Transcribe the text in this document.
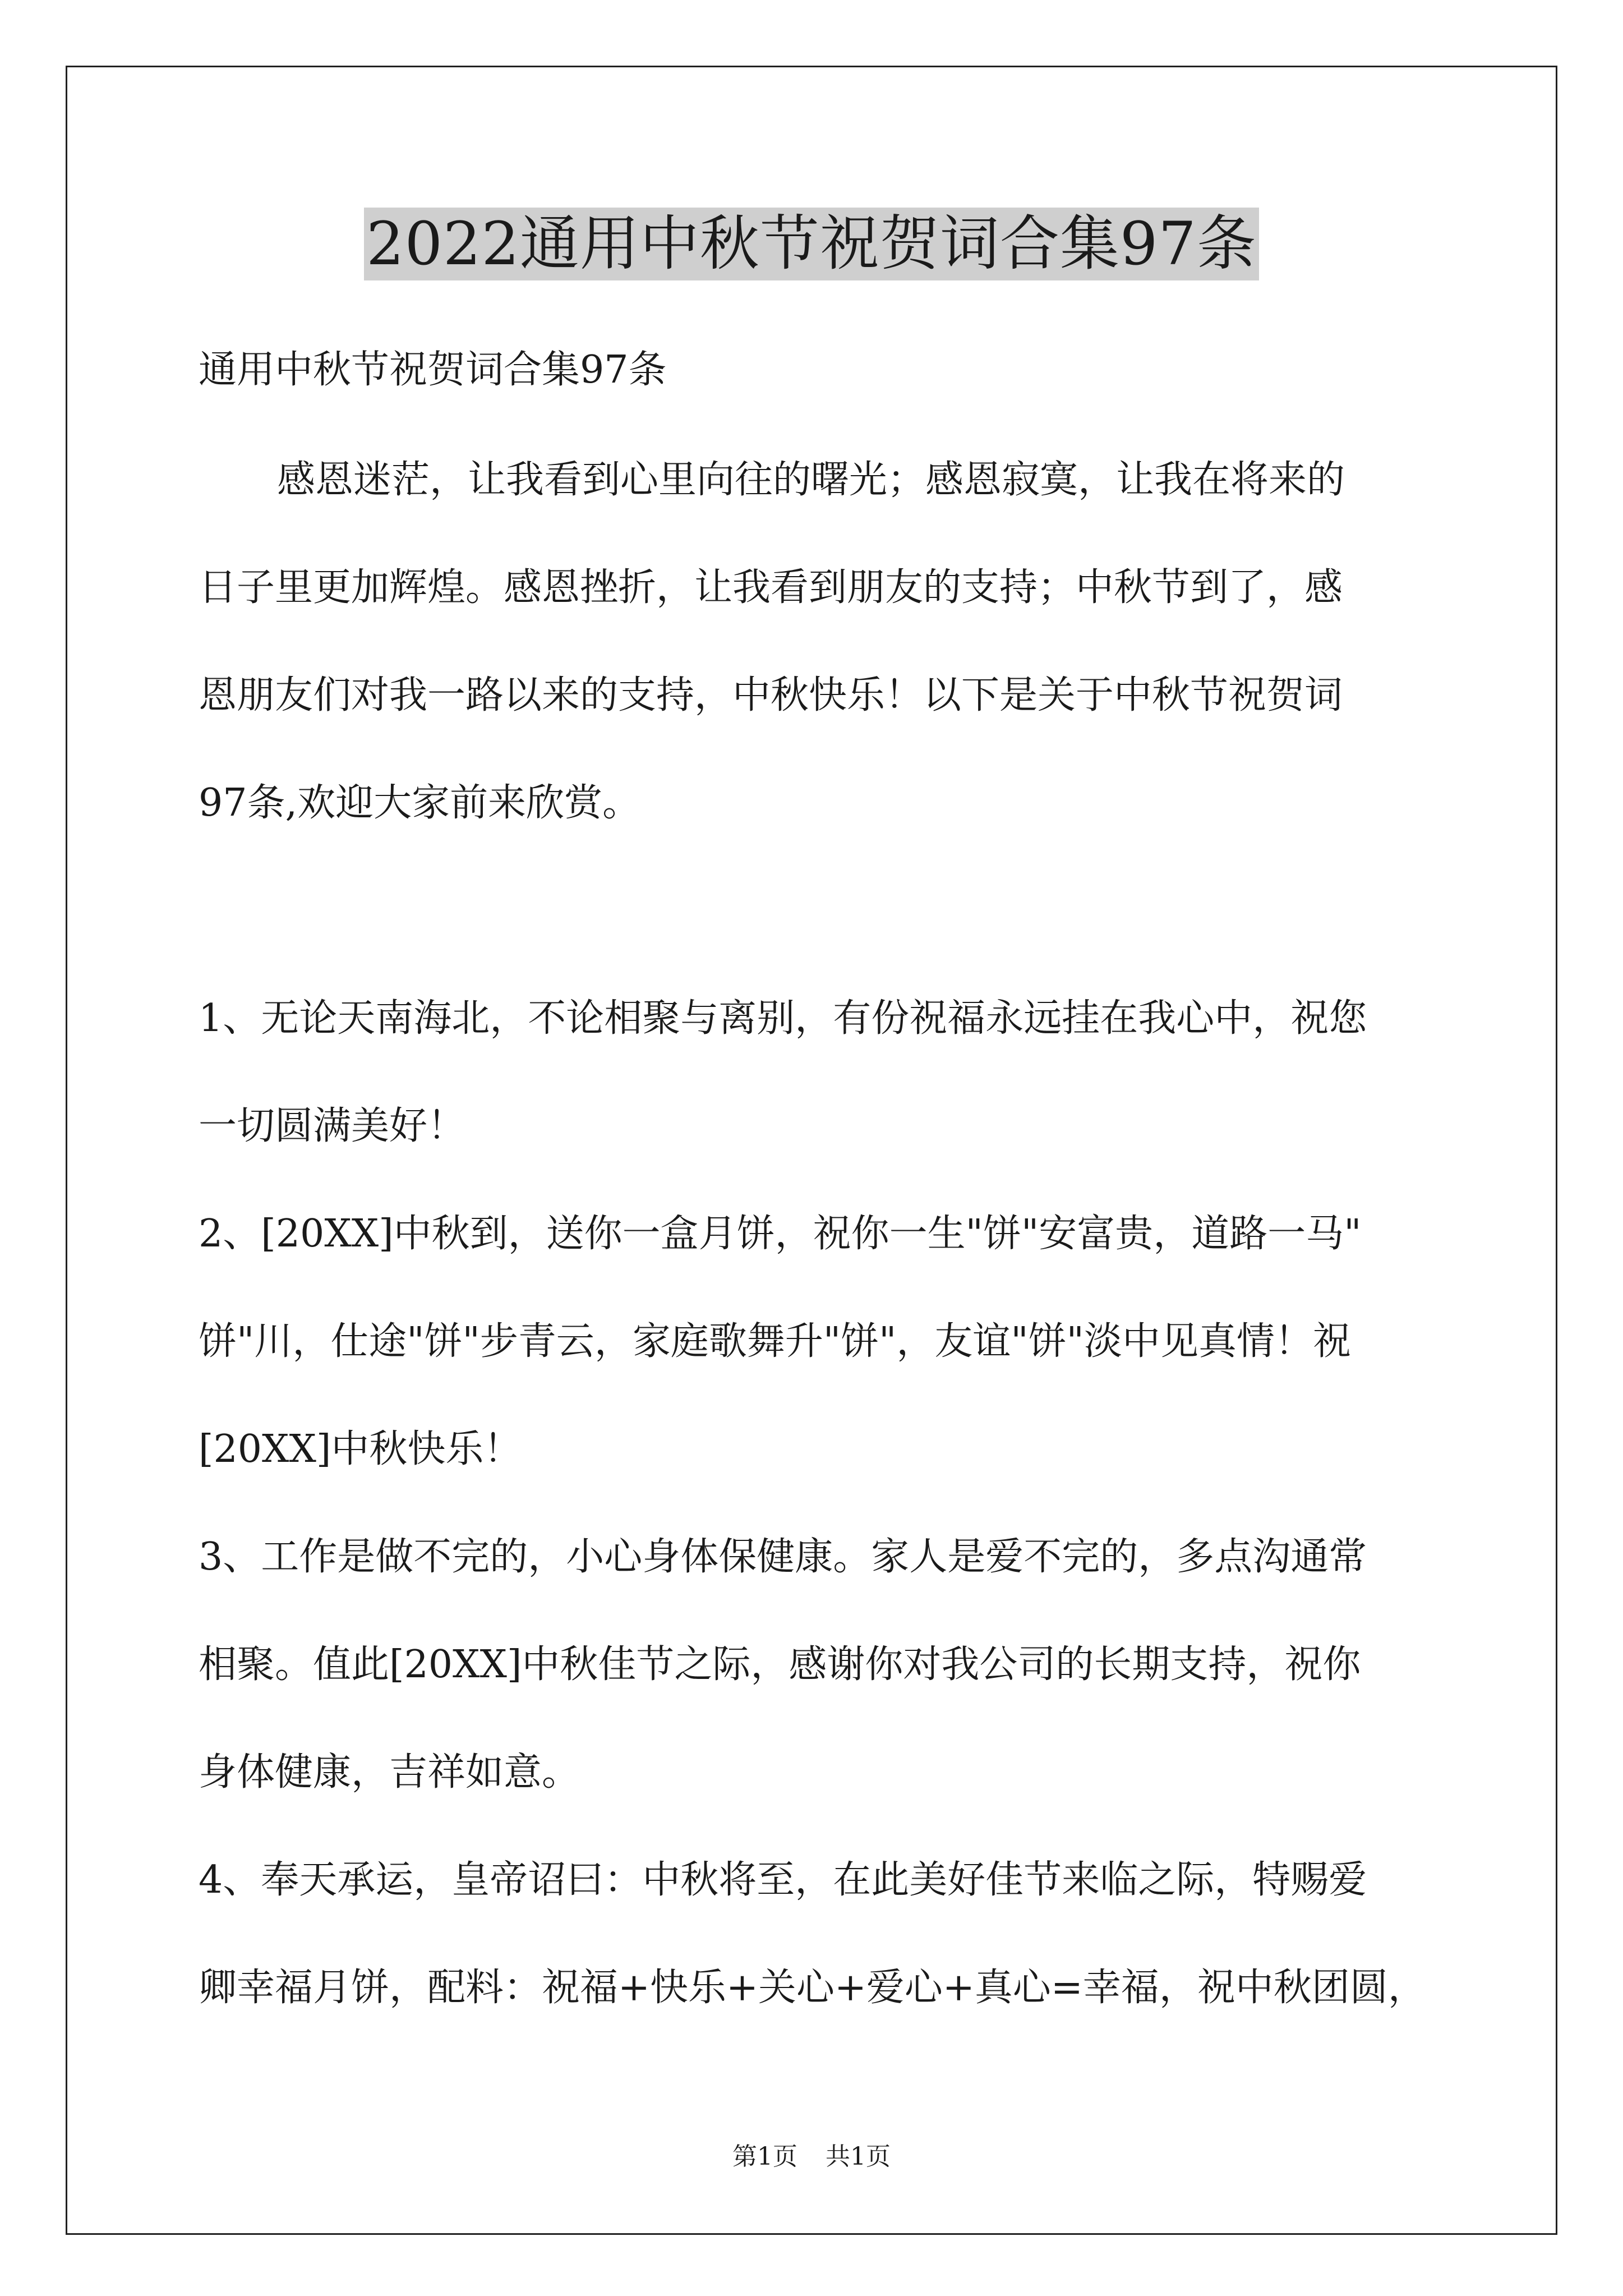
2022通用中秋节祝贺词合集97条
通用中秋节祝贺词合集97条
感恩迷茫，让我看到心里向往的曙光；感恩寂寞，让我在将来的
日子里更加辉煌。感恩挫折，让我看到朋友的支持；中秋节到了，感
恩朋友们对我一路以来的支持，中秋快乐！以下是关于中秋节祝贺词
97条,欢迎大家前来欣赏。
1、无论天南海北，不论相聚与离别，有份祝福永远挂在我心中，祝您
一切圆满美好！
2、[20XX]中秋到，送你一盒月饼，祝你一生"饼"安富贵，道路一马"
饼"川，仕途"饼"步青云，家庭歌舞升"饼"，友谊"饼"淡中见真情！祝
[20XX]中秋快乐！
3、工作是做不完的，小心身体保健康。家人是爱不完的，多点沟通常
相聚。值此[20XX]中秋佳节之际，感谢你对我公司的长期支持，祝你
身体健康，吉祥如意。
4、奉天承运，皇帝诏曰：中秋将至，在此美好佳节来临之际，特赐爱
卿幸福月饼，配料：祝福+快乐+关心+爱心+真心=幸福，祝中秋团圆，
第1页 共1页
